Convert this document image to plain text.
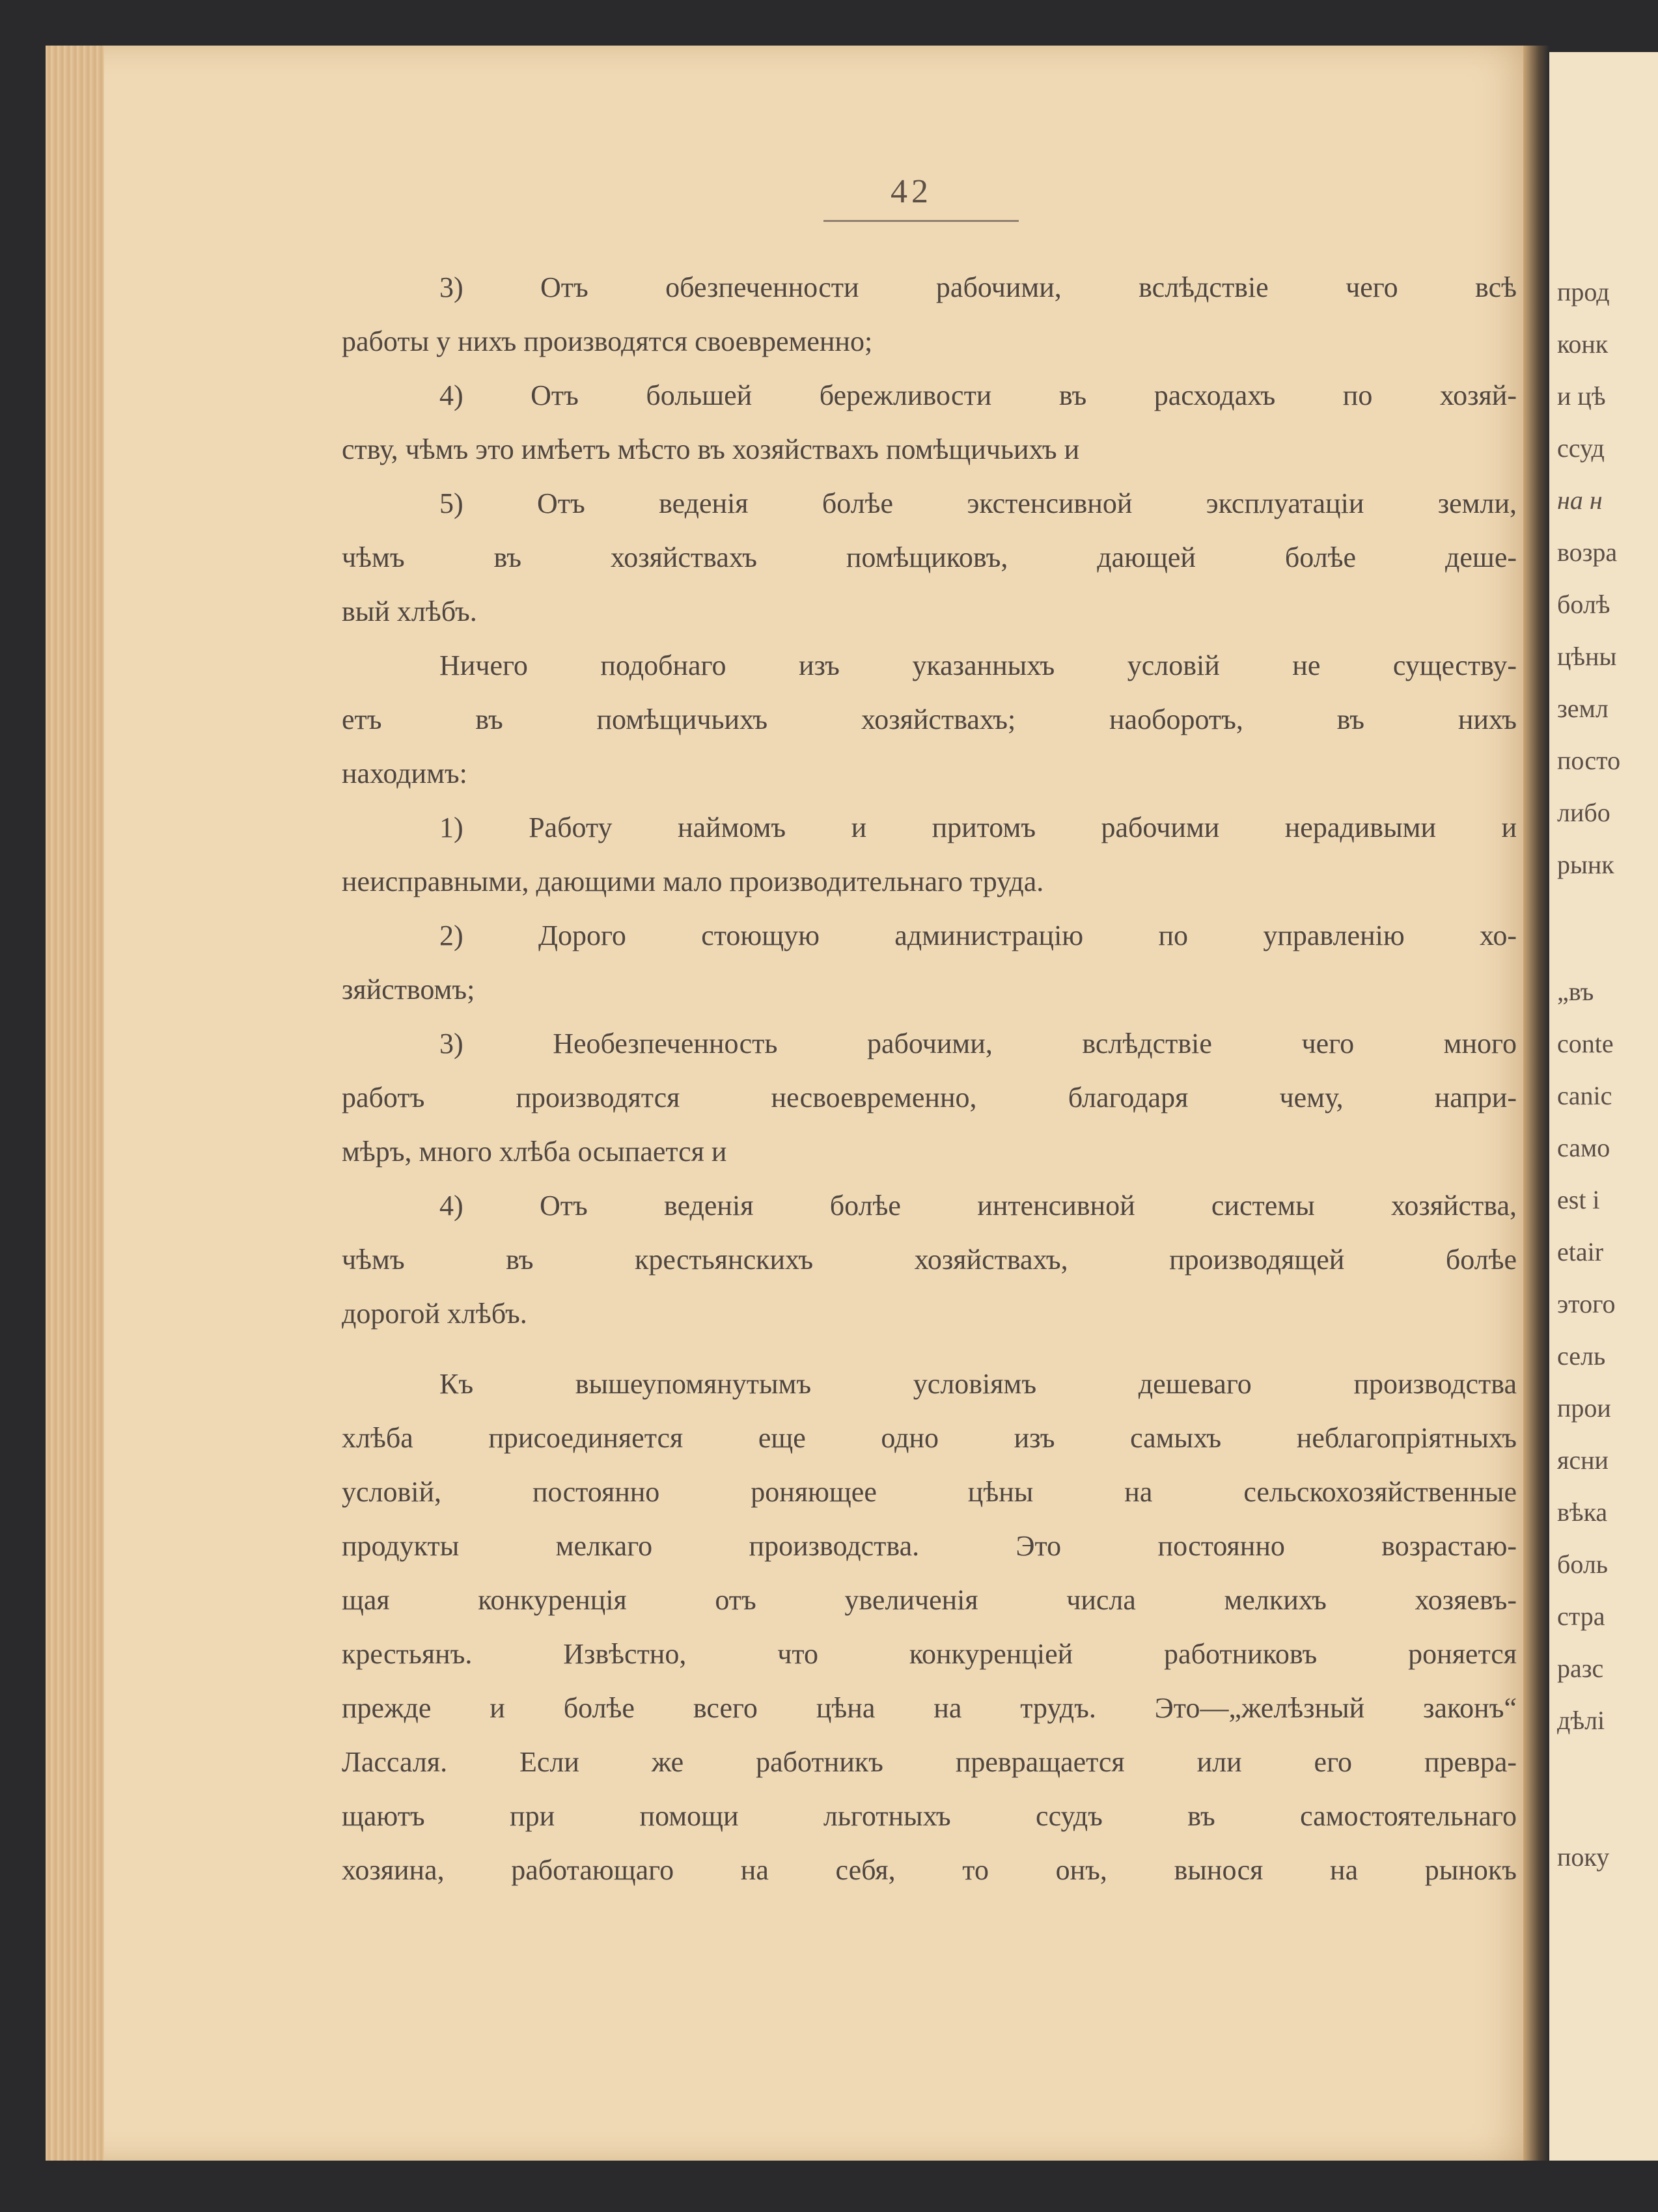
42
3) Отъ обезпеченности рабочими, вслѣдствіе чего всѣ
работы у нихъ производятся своевременно;
4) Отъ большей бережливости въ расходахъ по хозяй-
ству, чѣмъ это имѣетъ мѣсто въ хозяйствахъ помѣщичьихъ и
5) Отъ веденія болѣе экстенсивной эксплуатаціи земли,
чѣмъ въ хозяйствахъ помѣщиковъ, дающей болѣе деше-
вый хлѣбъ.
Ничего подобнаго изъ указанныхъ условій не существу-
етъ въ помѣщичьихъ хозяйствахъ; наоборотъ, въ нихъ
находимъ:
1) Работу наймомъ и притомъ рабочими нерадивыми и
неисправными, дающими мало производительнаго труда.
2) Дорого стоющую администрацію по управленію хо-
зяйствомъ;
3) Необезпеченность рабочими, вслѣдствіе чего много
работъ производятся несвоевременно, благодаря чему, напри-
мѣръ, много хлѣба осыпается и
4) Отъ веденія болѣе интенсивной системы хозяйства,
чѣмъ въ крестьянскихъ хозяйствахъ, производящей болѣе
дорогой хлѣбъ.
Къ вышеупомянутымъ условіямъ дешеваго производства
хлѣба присоединяется еще одно изъ самыхъ неблагопріятныхъ
условій, постоянно роняющее цѣны на сельскохозяйственные
продукты мелкаго производства. Это постоянно возрастаю-
щая конкуренція отъ увеличенія числа мелкихъ хозяевъ-
крестьянъ. Извѣстно, что конкуренціей работниковъ роняется
прежде и болѣе всего цѣна на трудъ. Это—„желѣзный законъ“
Лассаля. Если же работникъ превращается или его превра-
щаютъ при помощи льготныхъ ссудъ въ самостоятельнаго
хозяина, работающаго на себя, то онъ, вынося на рынокъ
прод
конк
и цѣ
ссуд
на н
возра
болѣ
цѣны
земл
посто
либо
рынк
„въ
conte
canic
само
est i
etair
этого
сель
прои
ясни
вѣка
боль
стра
разс
дѣлі
поку
